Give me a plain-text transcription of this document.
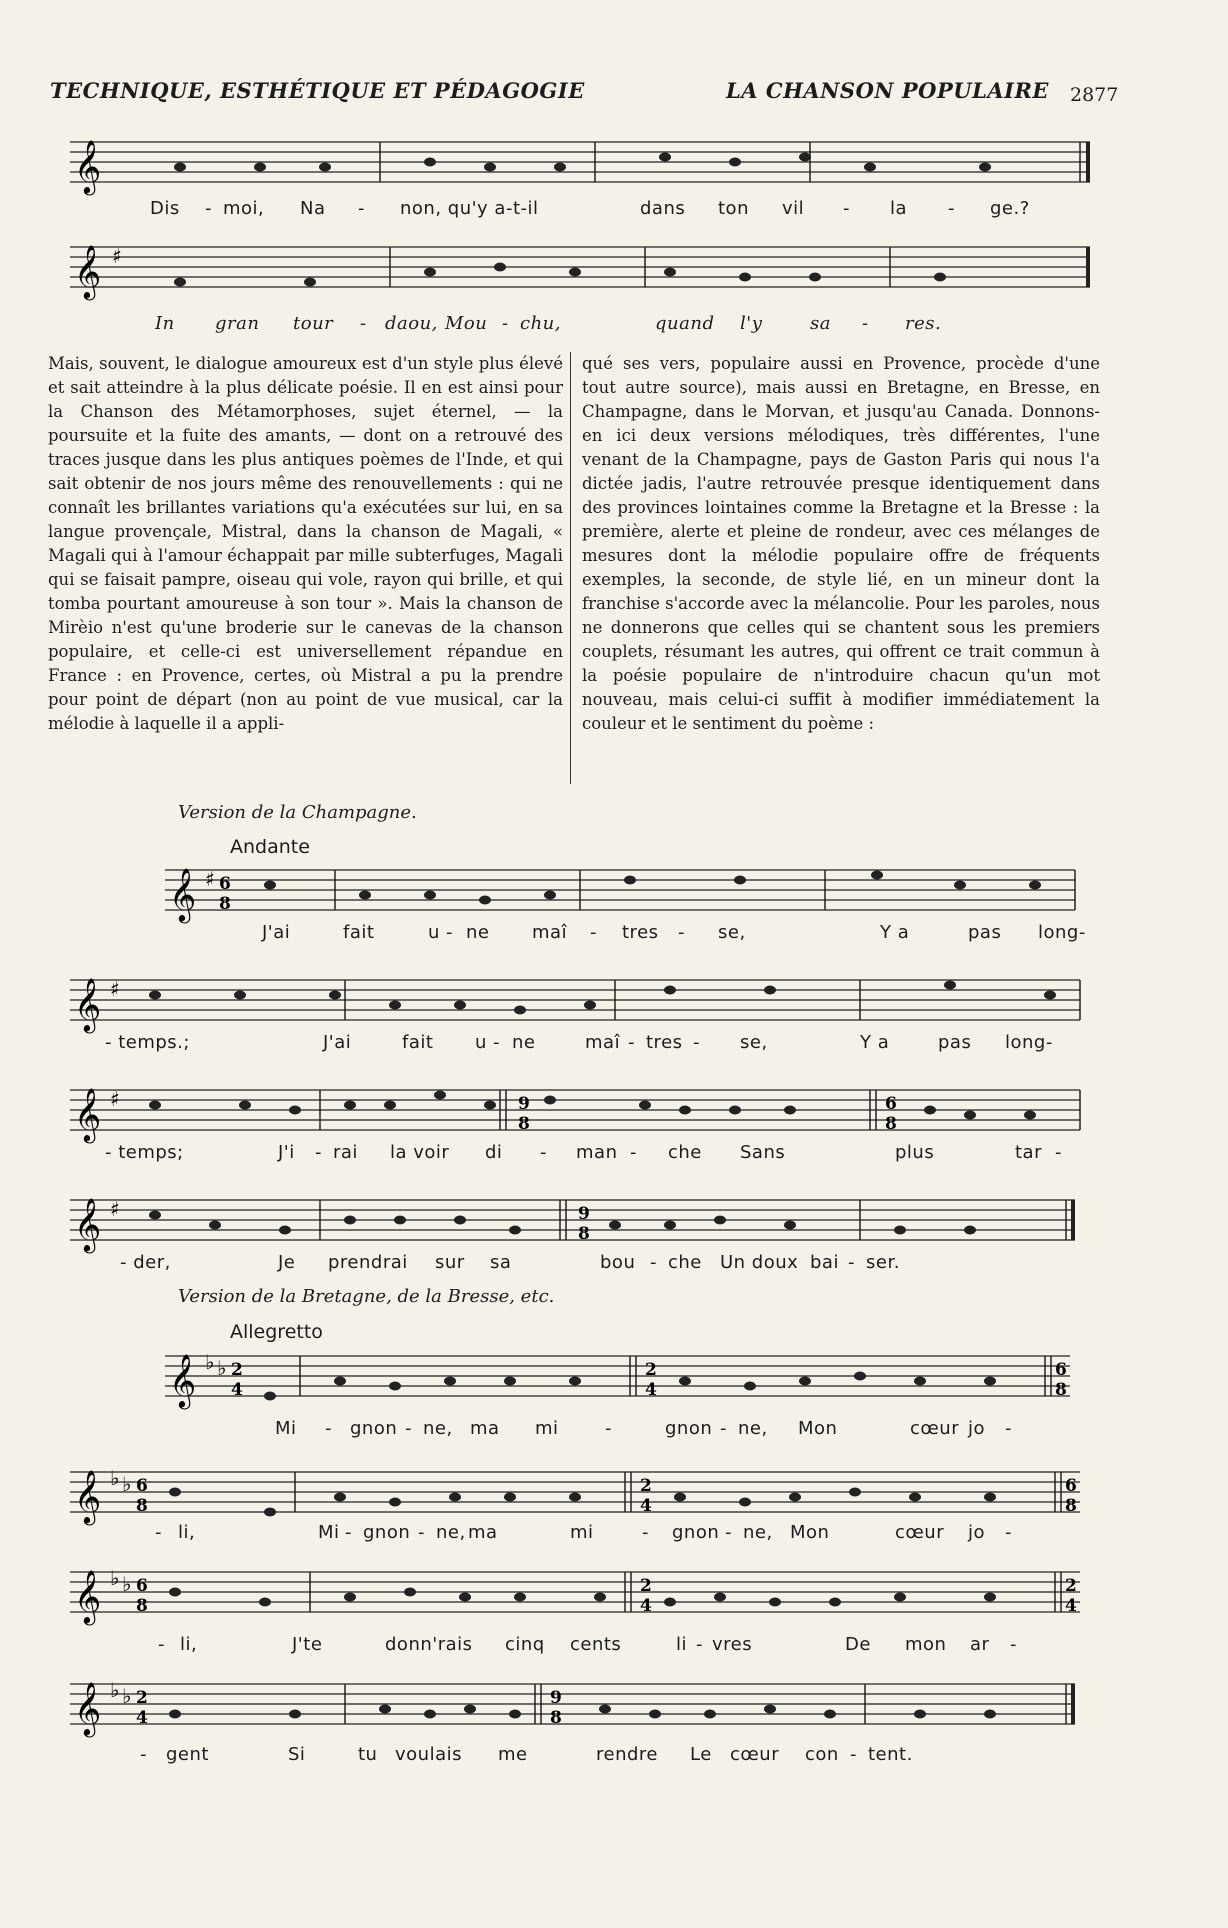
TECHNIQUE, ESTHÉTIQUE ET PÉDAGOGIE	LA CHANSON POPULAIRE 2877
𝄞
Dis - moi, Na - non, qu'y a-t-il	dans ton vil - la - ge.?
𝄞 ♯
In gran tour - daou, Mou - chu,	quand l'y	sa - res.

Mais, souvent, le dialogue amoureux est d'un style plus élevé et sait atteindre à la plus délicate poésie. Il en est ainsi pour la Chanson des Métamorphoses, sujet éternel, — la poursuite et la fuite des amants, — dont on a retrouvé des traces jusque dans les plus antiques poèmes de l'Inde, et qui sait obtenir de nos jours même des renouvellements : qui ne connaît les brillantes variations qu'a exécutées sur lui, en sa langue provençale, Mistral, dans la chanson de Magali, « Magali qui à l'amour échappait par mille subterfuges, Magali qui se faisait pampre, oiseau qui vole, rayon qui brille, et qui tomba pourtant amoureuse à son tour ». Mais la chanson de Mirèio n'est qu'une broderie sur le canevas de la chanson populaire, et celle-ci est universellement répandue en France : en Provence, certes, où Mistral a pu la prendre pour point de départ (non au point de vue musical, car la mélodie à laquelle il a appli-

qué ses vers, populaire aussi en Provence, procède d'une tout autre source), mais aussi en Bretagne, en Bresse, en Champagne, dans le Morvan, et jusqu'au Canada. Donnons-en ici deux versions mélodiques, très différentes, l'une venant de la Champagne, pays de Gaston Paris qui nous l'a dictée jadis, l'autre retrouvée presque identiquement dans des provinces lointaines comme la Bretagne et la Bresse : la première, alerte et pleine de rondeur, avec ces mélanges de mesures dont la mélodie populaire offre de fréquents exemples, la seconde, de style lié, en un mineur dont la franchise s'accorde avec la mélancolie. Pour les paroles, nous ne donnerons que celles qui se chantent sous les premiers couplets, résumant les autres, qui offrent ce trait commun à la poésie populaire de n'introduire chacun qu'un mot nouveau, mais celui-ci suffit à modifier immédiatement la couleur et le sentiment du poème :

Version de la Champagne.
Andante
𝄞 ♯ 6
8
J'ai	fait	u - ne maî - tres - se,	Y a	pas long-
𝄞 ♯
- temps.;	J'ai	fait u - ne	maî - tres - se,	Y a	pas long-
𝄞 ♯	9
8
6
8
- temps;	J'i - rai la voir di - man - che Sans	plus	tar -
𝄞 ♯	9
8
- der,	Je prendrai sur sa	bou - che Un doux bai - ser.
Version de la Bretagne, de la Bresse, etc.
Allegretto
𝄞 ♭ ♭ 2
4
2
4
6
8
Mi - gnon - ne, ma mi	-	gnon - ne, Mon	cœur jo -
𝄞 ♭ ♭ 6
8
2
4
6
8
- li,	Mi - gnon - ne, ma	mi	- gnon - ne, Mon	cœur jo -
𝄞 ♭ ♭ 6
8
2
4
2
4
- li,	J'te	donn'rais cinq cents	li - vres	De mon ar -
𝄞 ♭ ♭ 2
4
9
8
- gent	Si	tu voulais me	rendre Le cœur con - tent.
